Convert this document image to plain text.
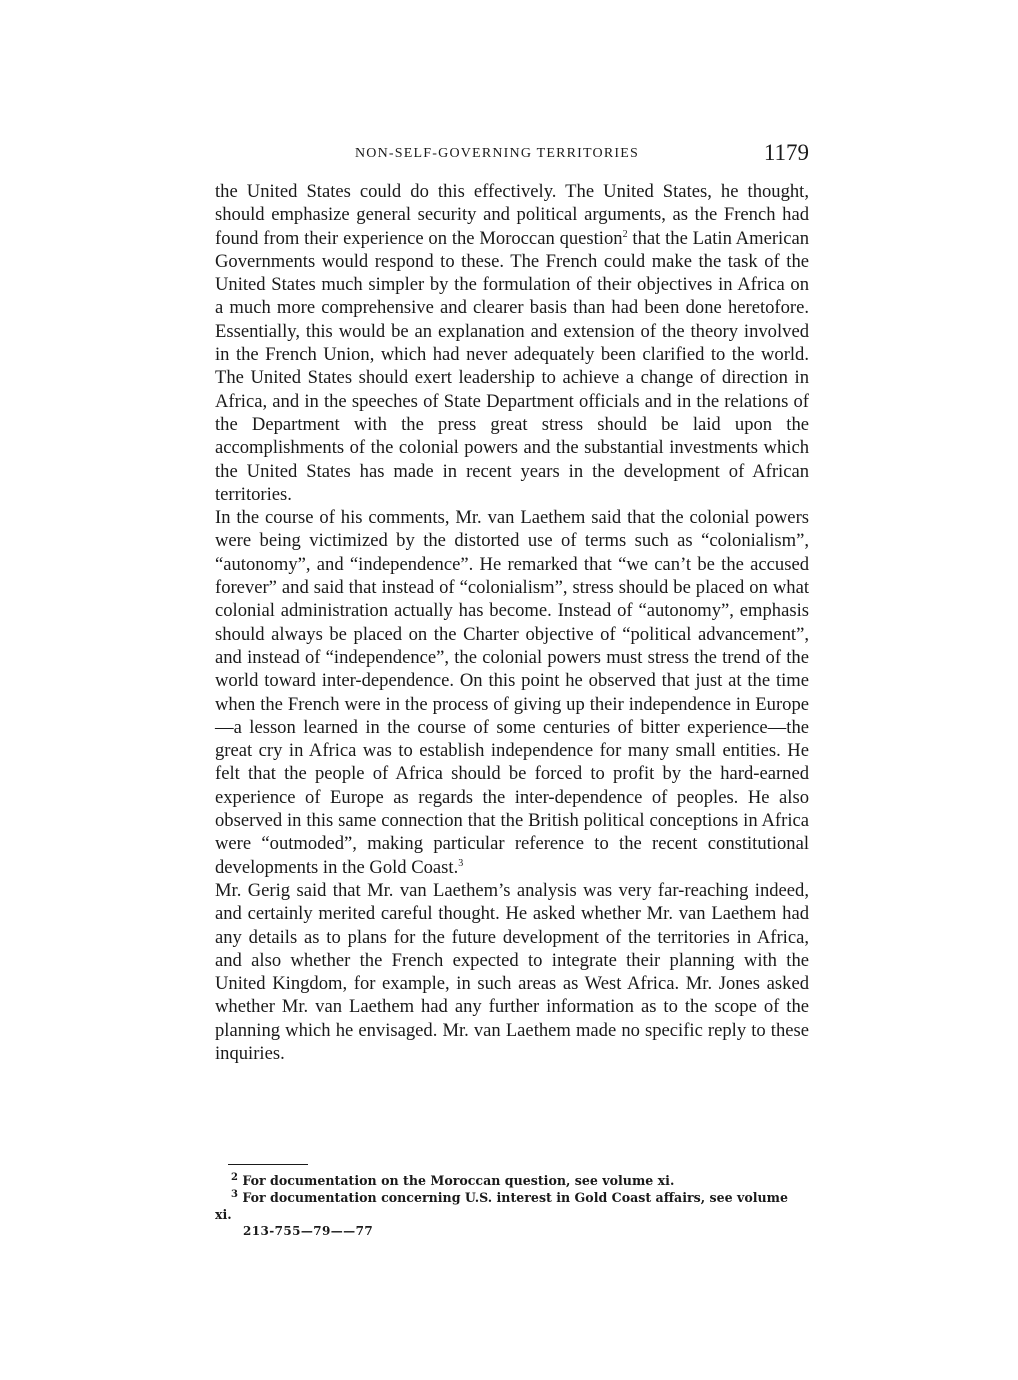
NON-SELF-GOVERNING TERRITORIES	1179

the United States could do this effectively. The United States, he thought, should emphasize general security and political arguments, as the French had found from their experience on the Moroccan question$^2$ that the Latin American Governments would respond to these. The French could make the task of the United States much simpler by the formulation of their objectives in Africa on a much more comprehensive and clearer basis than had been done heretofore. Essentially, this would be an explanation and extension of the theory involved in the French Union, which had never adequately been clarified to the world. The United States should exert leadership to achieve a change of direction in Africa, and in the speeches of State Department officials and in the relations of the Department with the press great stress should be laid upon the accomplishments of the colonial powers and the substantial investments which the United States has made in recent years in the development of African territories.

In the course of his comments, Mr. van Laethem said that the colonial powers were being victimized by the distorted use of terms such as “colonialism”, “autonomy”, and “independence”. He remarked that “we can’t be the accused forever” and said that instead of “colonialism”, stress should be placed on what colonial administration actually has become. Instead of “autonomy”, emphasis should always be placed on the Charter objective of “political advancement”, and instead of “independence”, the colonial powers must stress the trend of the world toward inter-dependence. On this point he observed that just at the time when the French were in the process of giving up their independence in Europe—a lesson learned in the course of some centuries of bitter experience—the great cry in Africa was to establish independence for many small entities. He felt that the people of Africa should be forced to profit by the hard-earned experience of Europe as regards the inter-dependence of peoples. He also observed in this same connection that the British political conceptions in Africa were “outmoded”, making particular reference to the recent constitutional developments in the Gold Coast.$^3$

Mr. Gerig said that Mr. van Laethem’s analysis was very far-reaching indeed, and certainly merited careful thought. He asked whether Mr. van Laethem had any details as to plans for the future development of the territories in Africa, and also whether the French expected to integrate their planning with the United Kingdom, for example, in such areas as West Africa. Mr. Jones asked whether Mr. van Laethem had any further information as to the scope of the planning which he envisaged. Mr. van Laethem made no specific reply to these inquiries.

$^2$ For documentation on the Moroccan question, see volume xi.

$^3$ For documentation concerning U.S. interest in Gold Coast affairs, see volume xi.

213-755—79——77
